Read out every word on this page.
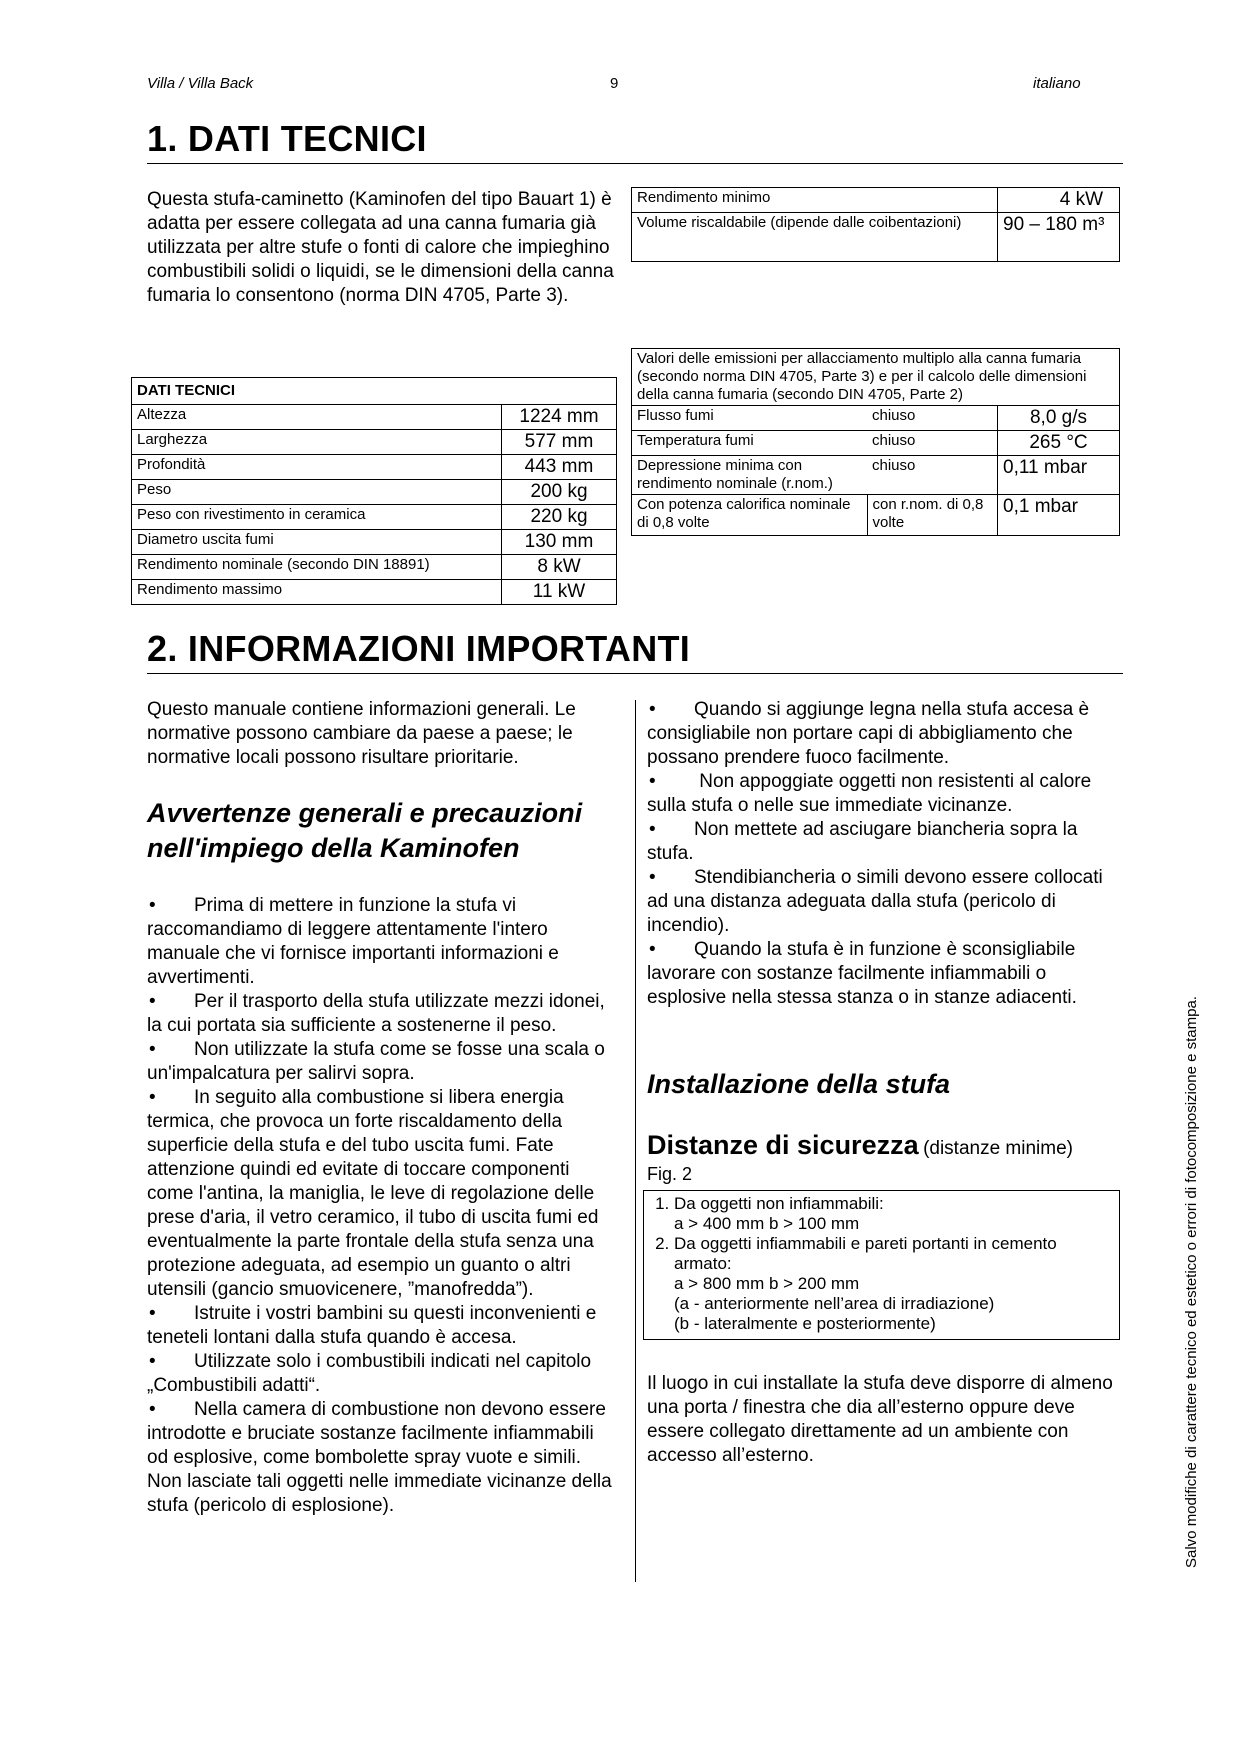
Villa / Villa Back	9	italiano
1. DATI TECNICI
Questa stufa-caminetto (Kaminofen del tipo Bauart 1) è adatta per essere collegata ad una canna fumaria già utilizzata per altre stufe o fonti di calore che impieghino combustibili solidi o liquidi, se le dimensioni della canna fumaria lo consentono (norma DIN 4705, Parte 3).
Rendimento minimo	4 kW
Volume riscaldabile (dipende dalle coibentazioni)	90 – 180 m³
DATI TECNICI	
Altezza	1224 mm
Larghezza	577 mm
Profondità	443 mm
Peso	200 kg
Peso con rivestimento in ceramica	220 kg
Diametro uscita fumi	130 mm
Rendimento nominale (secondo DIN 18891)	8 kW
Rendimento massimo	11 kW
Valori delle emissioni per allacciamento multiplo alla canna fumaria (secondo norma DIN 4705, Parte 3) e per il calcolo delle dimensioni della canna fumaria (secondo DIN 4705, Parte 2)		
Flusso fumi	chiuso	8,0 g/s
Temperatura fumi	chiuso	265 °C
Depressione minima con rendimento nominale (r.nom.)	chiuso	0,11 mbar
Con potenza calorifica nominale di 0,8 volte	con r.nom. di 0,8 volte	0,1 mbar
2. INFORMAZIONI IMPORTANTI
Questo manuale contiene informazioni generali. Le normative possono cambiare da paese a paese; le normative locali possono risultare prioritarie.
Avvertenze generali e precauzioni nell'impiego della Kaminofen
• Prima di mettere in funzione la stufa vi raccomandiamo di leggere attentamente l'intero manuale che vi fornisce importanti informazioni e avvertimenti.
• Per il trasporto della stufa utilizzate mezzi idonei, la cui portata sia sufficiente a sostenerne il peso.
• Non utilizzate la stufa come se fosse una scala o un'impalcatura per salirvi sopra.
• In seguito alla combustione si libera energia termica, che provoca un forte riscaldamento della superficie della stufa e del tubo uscita fumi. Fate attenzione quindi ed evitate di toccare componenti come l'antina, la maniglia, le leve di regolazione delle prese d'aria, il vetro ceramico, il tubo di uscita fumi ed eventualmente la parte frontale della stufa senza una protezione adeguata, ad esempio un guanto o altri utensili (gancio smuovicenere, ”manofredda”).
• Istruite i vostri bambini su questi inconvenienti e teneteli lontani dalla stufa quando è accesa.
• Utilizzate solo i combustibili indicati nel capitolo „Combustibili adatti“.
• Nella camera di combustione non devono essere introdotte e bruciate sostanze facilmente infiammabili od esplosive, come bombolette spray vuote e simili. Non lasciate tali oggetti nelle immediate vicinanze della stufa (pericolo di esplosione).
• Quando si aggiunge legna nella stufa accesa è consigliabile non portare capi di abbigliamento che possano prendere fuoco facilmente.
• Non appoggiate oggetti non resistenti al calore sulla stufa o nelle sue immediate vicinanze.
• Non mettete ad asciugare biancheria sopra la stufa.
• Stendibiancheria o simili devono essere collocati ad una distanza adeguata dalla stufa (pericolo di incendio).
• Quando la stufa è in funzione è sconsigliabile lavorare con sostanze facilmente infiammabili o esplosive nella stessa stanza o in stanze adiacenti.
Installazione della stufa
Distanze di sicurezza (distanze minime)
Fig. 2
1. Da oggetti non infiammabili:
a > 400 mm b > 100 mm
2. Da oggetti infiammabili e pareti portanti in cemento armato:
a > 800 mm b > 200 mm
(a - anteriormente nell’area di irradiazione)
(b - lateralmente e posteriormente)
Il luogo in cui installate la stufa deve disporre di almeno una porta / finestra che dia all’esterno oppure deve essere collegato direttamente ad un ambiente con accesso all’esterno.	Salvo modifiche di carattere tecnico ed estetico o errori di fotocomposizione e stampa.
